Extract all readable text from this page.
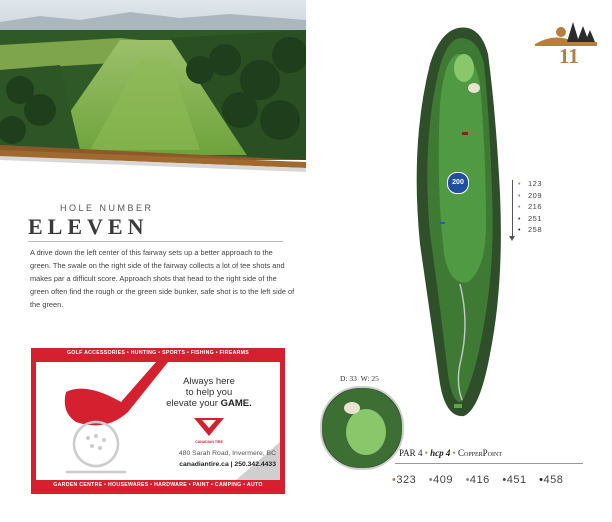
HOLE NUMBER
ELEVEN
A drive down the left center of this fairway sets up a better approach to the green. The swale on the right side of the fairway collects a lot of tee shots and makes par a difficult score. Approach shots that head to the right side of the green often find the rough or the green side bunker, safe shot is to the left side of the green.
GOLF ACCESSORIES • HUNTING • SPORTS • FISHING • FIREARMS
Always here
to help you
elevate your GAME.
CANADIAN TIRE
480 Sarah Road, Invermere, BC
canadiantire.ca | 250.342.4433
GARDEN CENTRE • HOUSEWARES • HARDWARE • PAINT • CAMPING • AUTO
11
200	• 123
• 209
• 216
• 251
• 258
D: 33 W: 25
PAR 4 • hcp 4 • CopperPoint
•323 •409 •416 •451 •458
